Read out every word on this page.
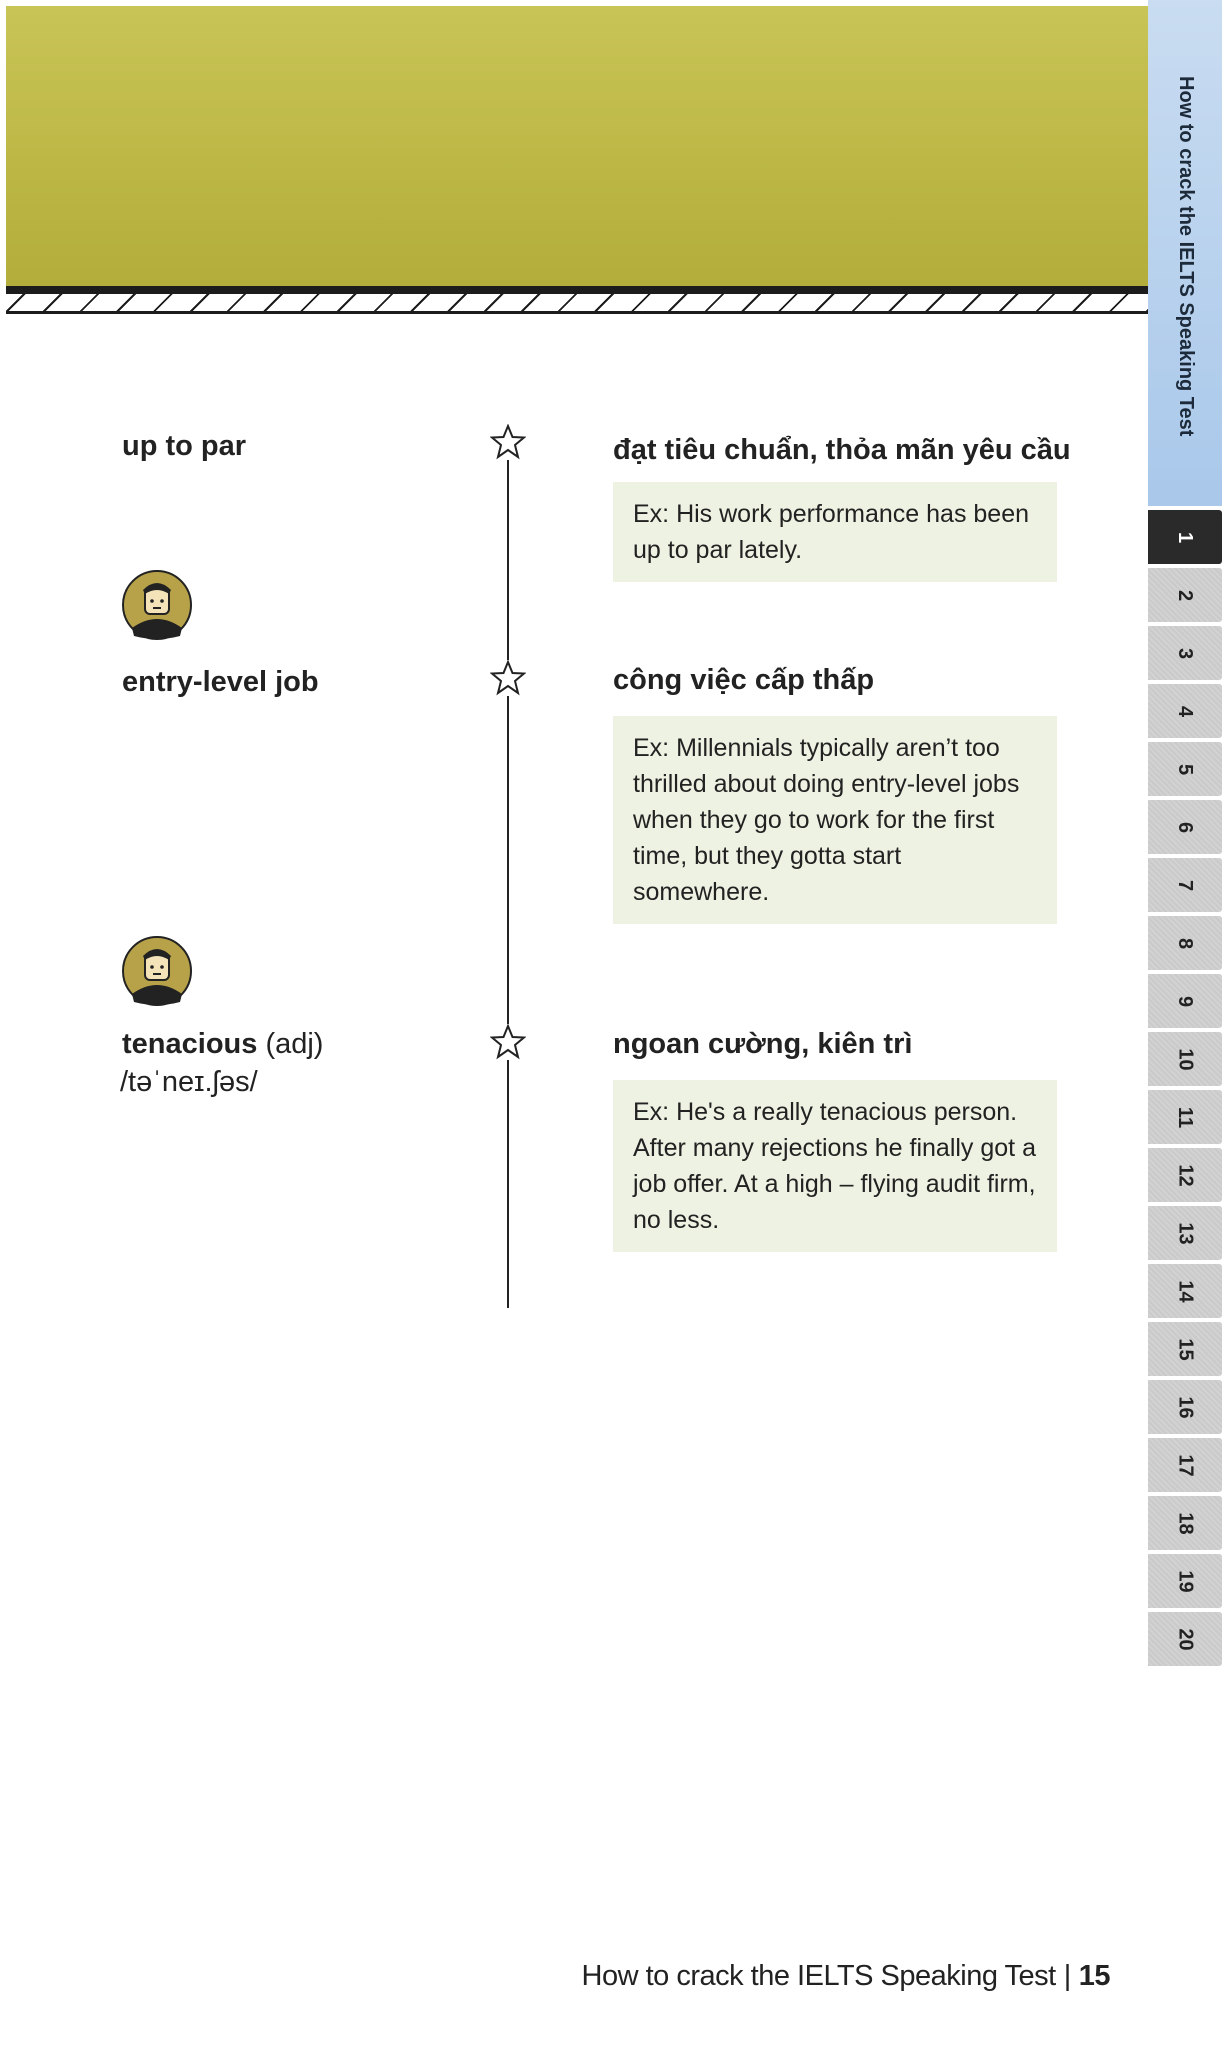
How to crack the IELTS Speaking Test
1
2
3
4
5
6
7
8
9
10
11
12
13
14
15
16
17
18
19
20
up to par	đạt tiêu chuẩn, thỏa mãn yêu cầu
Ex: His work performance has been up to par lately.
entry-level job	công việc cấp thấp
Ex: Millennials typically aren’t too thrilled about doing entry-level jobs when they go to work for the first time, but they gotta start somewhere.
tenacious (adj)
/təˈneɪ.ʃəs/
ngoan cường, kiên trì
Ex: He's a really tenacious person. After many rejections he finally got a job offer. At a high – flying audit firm, no less.
How to crack the IELTS Speaking Test | 15
